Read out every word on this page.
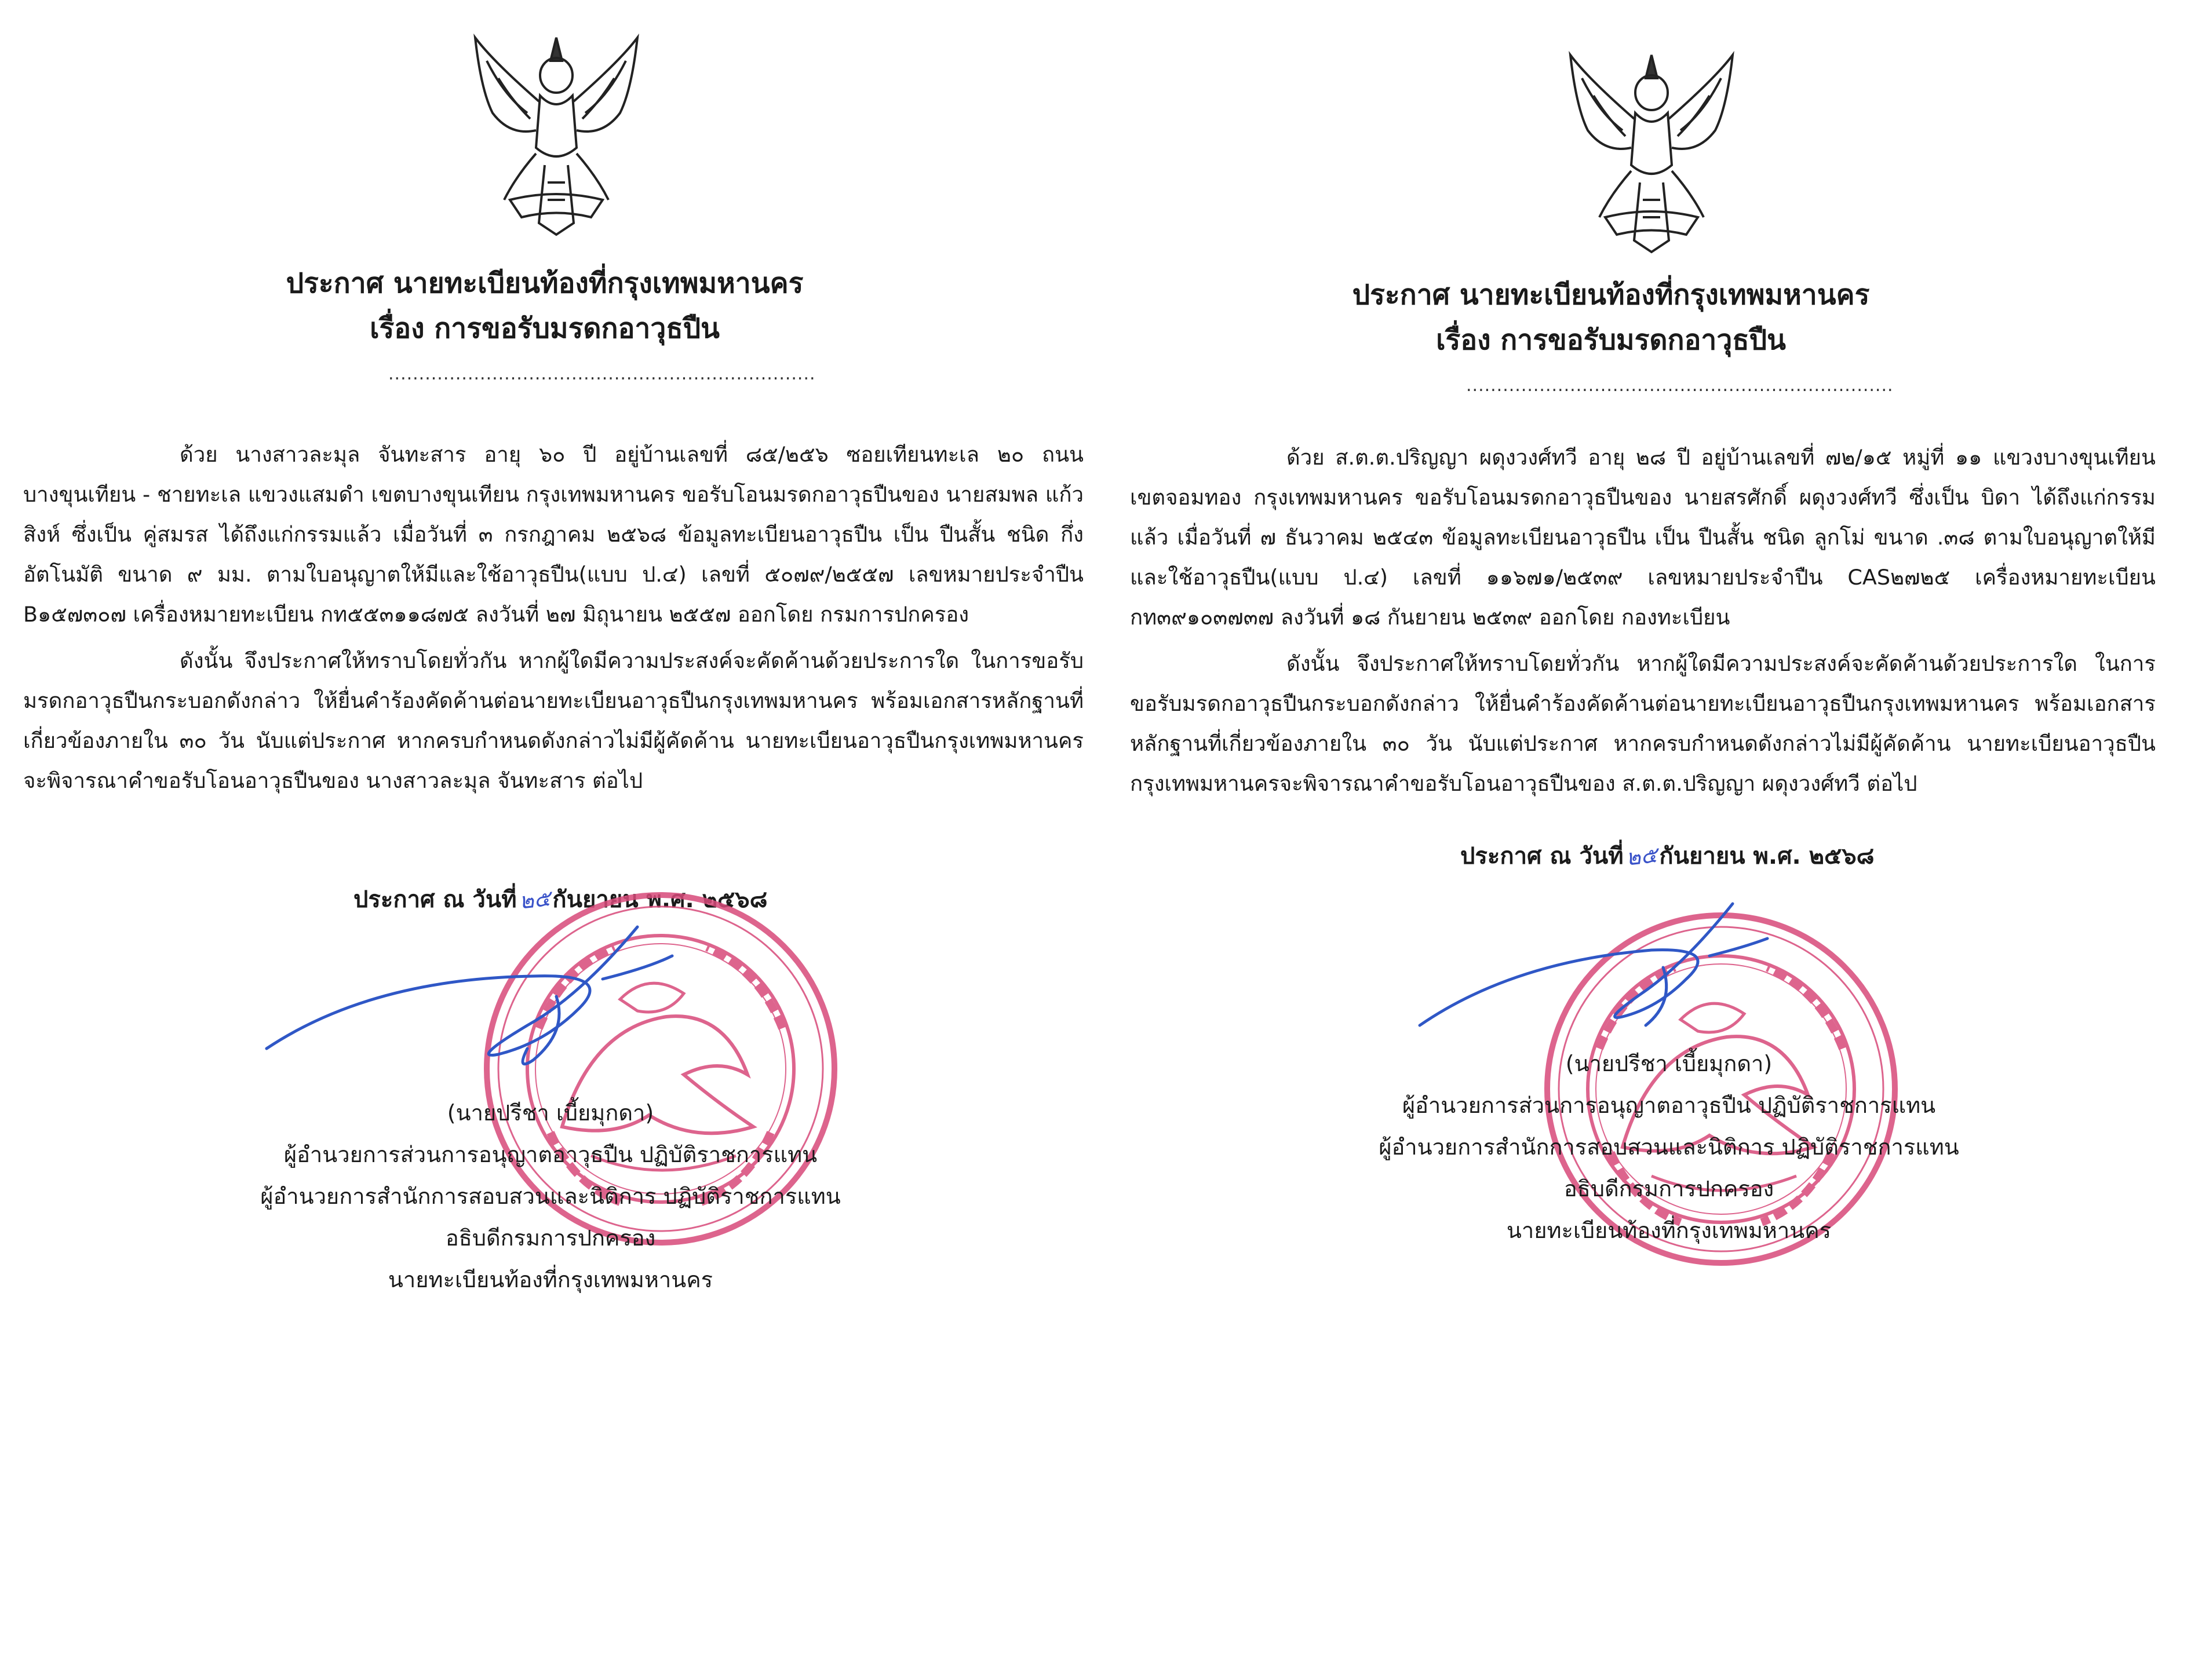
ประกาศ นายทะเบียนท้องที่กรุงเทพมหานคร
เรื่อง การขอรับมรดกอาวุธปืน
......................................................................

ด้วย นางสาวละมุล จันทะสาร อายุ ๖๐ ปี อยู่บ้านเลขที่ ๘๕/๒๕๖ ซอยเทียนทะเล ๒๐ ถนนบางขุนเทียน - ชายทะเล แขวงแสมดำ เขตบางขุนเทียน กรุงเทพมหานคร ขอรับโอนมรดกอาวุธปืนของ นายสมพล แก้วสิงห์ ซึ่งเป็น คู่สมรส ได้ถึงแก่กรรมแล้ว เมื่อวันที่ ๓ กรกฎาคม ๒๕๖๘ ข้อมูลทะเบียนอาวุธปืน เป็น ปืนสั้น ชนิด กึ่งอัตโนมัติ ขนาด ๙ มม. ตามใบอนุญาตให้มีและใช้อาวุธปืน(แบบ ป.๔) เลขที่ ๕๐๗๙/๒๕๕๗ เลขหมายประจำปืน B๑๕๗๓๐๗ เครื่องหมายทะเบียน กท๕๕๓๑๑๘๗๕ ลงวันที่ ๒๗ มิถุนายน ๒๕๕๗ ออกโดย กรมการปกครอง

ดังนั้น จึงประกาศให้ทราบโดยทั่วกัน หากผู้ใดมีความประสงค์จะคัดค้านด้วยประการใด ในการขอรับมรดกอาวุธปืนกระบอกดังกล่าว ให้ยื่นคำร้องคัดค้านต่อนายทะเบียนอาวุธปืนกรุงเทพมหานคร พร้อมเอกสารหลักฐานที่เกี่ยวข้องภายใน ๓๐ วัน นับแต่ประกาศ หากครบกำหนดดังกล่าวไม่มีผู้คัดค้าน นายทะเบียนอาวุธปืนกรุงเทพมหานครจะพิจารณาคำขอรับโอนอาวุธปืนของ นางสาวละมุล จันทะสาร ต่อไป

ประกาศ ณ วันที่๒๕กันยายน พ.ศ. ๒๕๖๘
(นายปรีชา เบี้ยมุกดา)
ผู้อำนวยการส่วนการอนุญาตอาวุธปืน ปฏิบัติราชการแทน
ผู้อำนวยการสำนักการสอบสวนและนิติการ ปฏิบัติราชการแทน
อธิบดีกรมการปกครอง
นายทะเบียนท้องที่กรุงเทพมหานคร
ประกาศ นายทะเบียนท้องที่กรุงเทพมหานคร
เรื่อง การขอรับมรดกอาวุธปืน
......................................................................

ด้วย ส.ต.ต.ปริญญา ผดุงวงศ์ทวี อายุ ๒๘ ปี อยู่บ้านเลขที่ ๗๒/๑๕ หมู่ที่ ๑๑ แขวงบางขุนเทียน เขตจอมทอง กรุงเทพมหานคร ขอรับโอนมรดกอาวุธปืนของ นายสรศักดิ์ ผดุงวงศ์ทวี ซึ่งเป็น บิดา ได้ถึงแก่กรรมแล้ว เมื่อวันที่ ๗ ธันวาคม ๒๕๔๓ ข้อมูลทะเบียนอาวุธปืน เป็น ปืนสั้น ชนิด ลูกโม่ ขนาด .๓๘ ตามใบอนุญาตให้มี และใช้อาวุธปืน(แบบ ป.๔) เลขที่ ๑๑๖๗๑/๒๕๓๙ เลขหมายประจำปืน CAS๒๗๒๕ เครื่องหมายทะเบียน กท๓๙๑๐๓๗๓๗ ลงวันที่ ๑๘ กันยายน ๒๕๓๙ ออกโดย กองทะเบียน

ดังนั้น จึงประกาศให้ทราบโดยทั่วกัน หากผู้ใดมีความประสงค์จะคัดค้านด้วยประการใด ในการขอรับมรดกอาวุธปืนกระบอกดังกล่าว ให้ยื่นคำร้องคัดค้านต่อนายทะเบียนอาวุธปืนกรุงเทพมหานคร พร้อมเอกสารหลักฐานที่เกี่ยวข้องภายใน ๓๐ วัน นับแต่ประกาศ หากครบกำหนดดังกล่าวไม่มีผู้คัดค้าน นายทะเบียนอาวุธปืนกรุงเทพมหานครจะพิจารณาคำขอรับโอนอาวุธปืนของ ส.ต.ต.ปริญญา ผดุงวงศ์ทวี ต่อไป

ประกาศ ณ วันที่๒๕กันยายน พ.ศ. ๒๕๖๘
(นายปรีชา เบี้ยมุกดา)
ผู้อำนวยการส่วนการอนุญาตอาวุธปืน ปฏิบัติราชการแทน
ผู้อำนวยการสำนักการสอบสวนและนิติการ ปฏิบัติราชการแทน
อธิบดีกรมการปกครอง
นายทะเบียนท้องที่กรุงเทพมหานคร
